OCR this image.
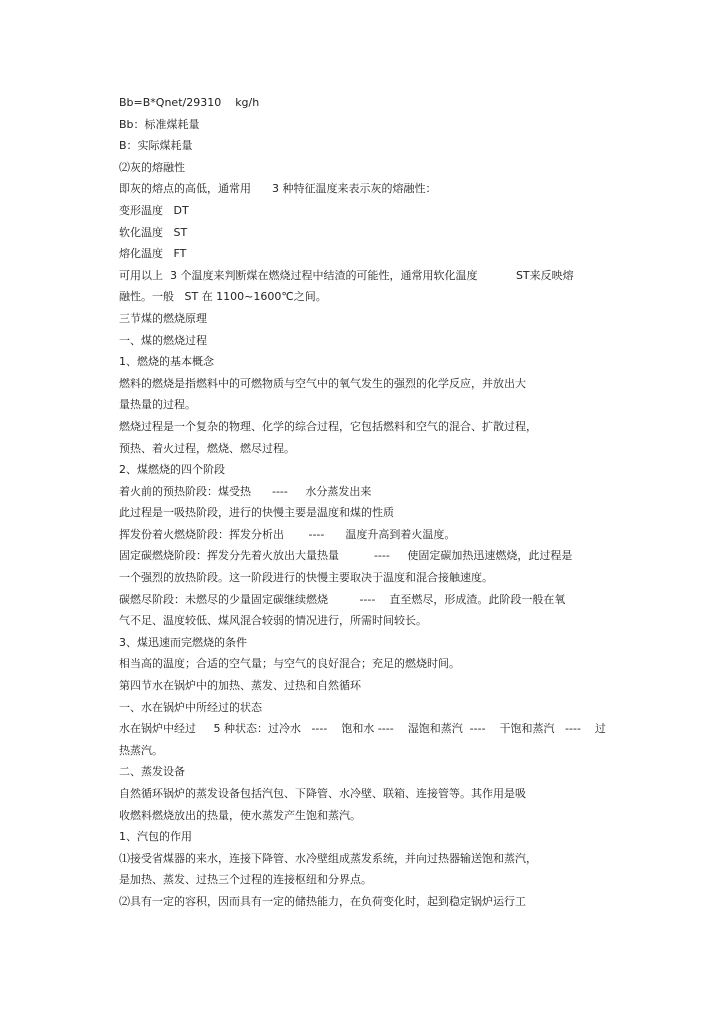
Bb=B*Qnet/29310    kg/h
Bb：标准煤耗量
B：实际煤耗量
⑵灰的熔融性
即灰的熔点的高低，通常用      3 种特征温度来表示灰的熔融性：
变形温度   DT
软化温度   ST
熔化温度   FT
可用以上  3 个温度来判断煤在燃烧过程中结渣的可能性，通常用软化温度           ST来反映熔
融性。一般   ST 在 1100~1600℃之间。
三节煤的燃烧原理
一、煤的燃烧过程
1、燃烧的基本概念
燃料的燃烧是指燃料中的可燃物质与空气中的氧气发生的强烈的化学反应，并放出大
量热量的过程。
燃烧过程是一个复杂的物理、化学的综合过程，它包括燃料和空气的混合、扩散过程，
预热、着火过程，燃烧、燃尽过程。
2、煤燃烧的四个阶段
着火前的预热阶段：煤受热      ----     水分蒸发出来
此过程是一吸热阶段，进行的快慢主要是温度和煤的性质
挥发份着火燃烧阶段：挥发分析出       ----      温度升高到着火温度。
固定碳燃烧阶段：挥发分先着火放出大量热量          ----     使固定碳加热迅速燃烧，此过程是
一个强烈的放热阶段。这一阶段进行的快慢主要取决于温度和混合接触速度。
碳燃尽阶段：未燃尽的少量固定碳继续燃烧         ----    直至燃尽，形成渣。此阶段一般在氧
气不足、温度较低、煤风混合较弱的情况进行，所需时间较长。
3、煤迅速而完燃烧的条件
相当高的温度；合适的空气量；与空气的良好混合；充足的燃烧时间。
第四节水在锅炉中的加热、蒸发、过热和自然循环
一、水在锅炉中所经过的状态
水在锅炉中经过     5 种状态：过冷水   ----    饱和水 ----    湿饱和蒸汽  ----    干饱和蒸汽   ----    过
热蒸汽。
二、蒸发设备
自然循环锅炉的蒸发设备包括汽包、下降管、水冷壁、联箱、连接管等。其作用是吸
收燃料燃烧放出的热量，使水蒸发产生饱和蒸汽。
1、汽包的作用
⑴接受省煤器的来水，连接下降管、水冷壁组成蒸发系统，并向过热器输送饱和蒸汽，
是加热、蒸发、过热三个过程的连接枢纽和分界点。
⑵具有一定的容积，因而具有一定的储热能力，在负荷变化时，起到稳定锅炉运行工
